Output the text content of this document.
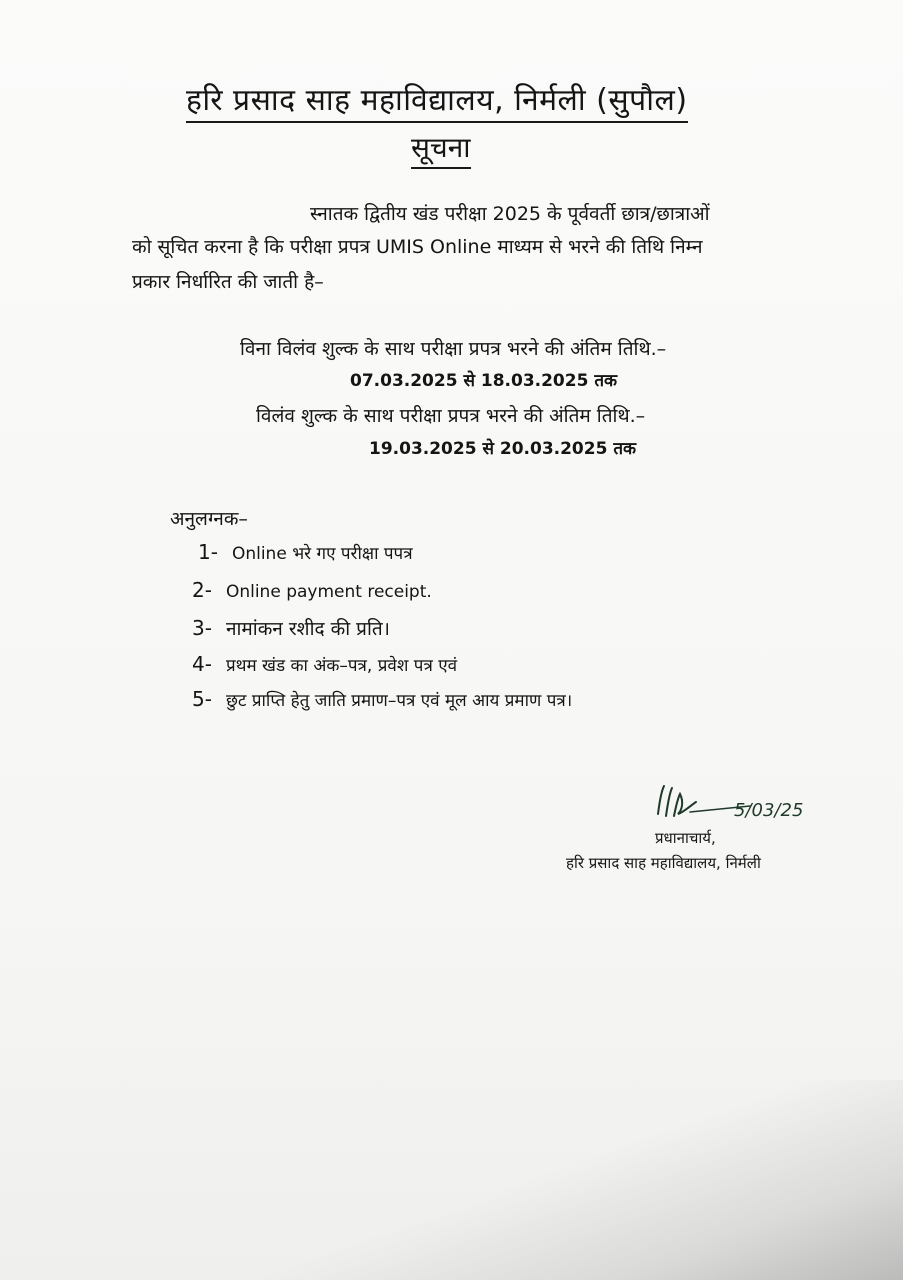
हरि प्रसाद साह महाविद्यालय, निर्मली (सुपौल)
सूचना
स्नातक द्वितीय खंड परीक्षा 2025 के पूर्ववर्ती छात्र/छात्राओं
को सूचित करना है कि परीक्षा प्रपत्र UMIS Online माध्यम से भरने की तिथि निम्न
प्रकार निर्धारित की जाती है–
विना विलंव शुल्क के साथ परीक्षा प्रपत्र भरने की अंतिम तिथि.–
07.03.2025 से 18.03.2025 तक
विलंव शुल्क के साथ परीक्षा प्रपत्र भरने की अंतिम तिथि.–
19.03.2025 से 20.03.2025 तक
अनुलग्नक–
1- Online भरे गए परीक्षा पपत्र
2- Online payment receipt.
3- नामांकन रशीद की प्रति।
4- प्रथम खंड का अंक–पत्र, प्रवेश पत्र एवं
5- छुट प्राप्ति हेतु जाति प्रमाण–पत्र एवं मूल आय प्रमाण पत्र।
5/03/25
प्रधानाचार्य,
हरि प्रसाद साह महाविद्यालय, निर्मली
